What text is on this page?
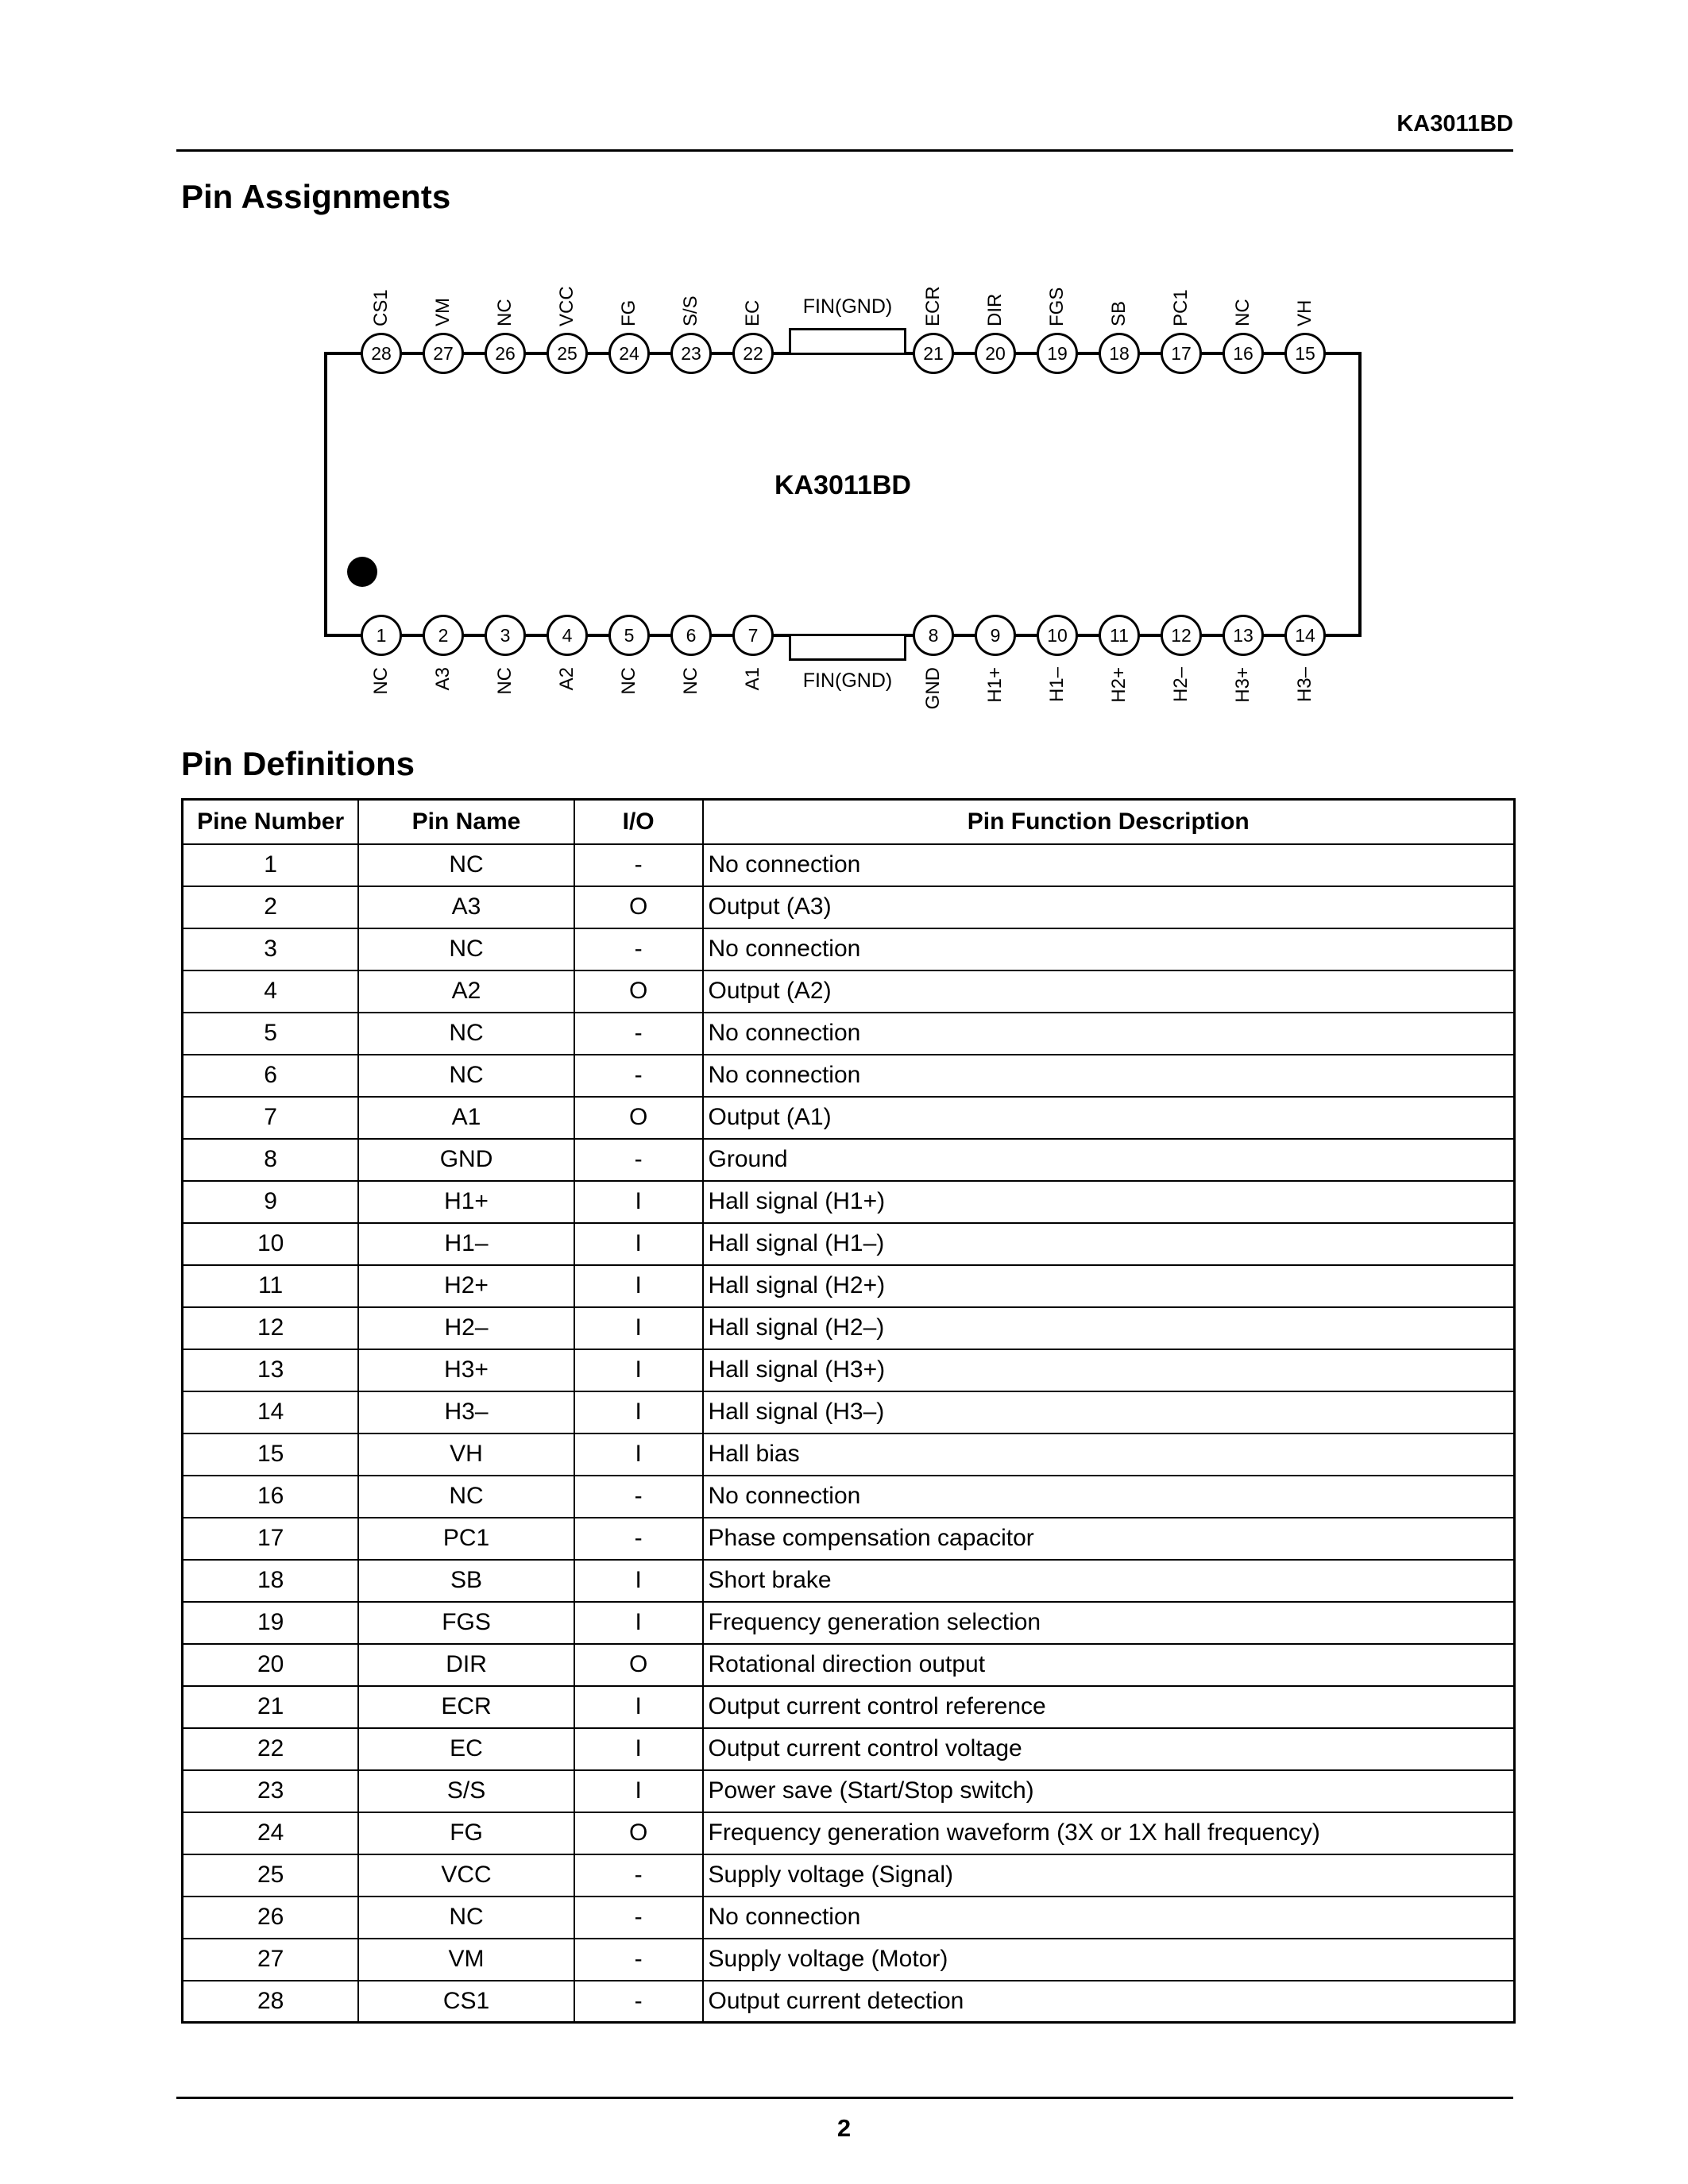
KA3011BD
Pin Assignments
FIN(GND)
FIN(GND)
KA3011BD
28
CS1
27
VM
26
NC
25
VCC
24
FG
23
S/S
22
EC
21
ECR
20
DIR
19
FGS
18
SB
17
PC1
16
NC
15
VH
1
NC
2
A3
3
NC
4
A2
5
NC
6
NC
7
A1
8
GND
9
H1+
10
H1–
11
H2+
12
H2–
13
H3+
14
H3–
Pin Definitions
Pine Number	Pin Name	I/O	Pin Function Description
1	NC	-	No connection
2	A3	O	Output (A3)
3	NC	-	No connection
4	A2	O	Output (A2)
5	NC	-	No connection
6	NC	-	No connection
7	A1	O	Output (A1)
8	GND	-	Ground
9	H1+	I	Hall signal (H1+)
10	H1–	I	Hall signal (H1–)
11	H2+	I	Hall signal (H2+)
12	H2–	I	Hall signal (H2–)
13	H3+	I	Hall signal (H3+)
14	H3–	I	Hall signal (H3–)
15	VH	I	Hall bias
16	NC	-	No connection
17	PC1	-	Phase compensation capacitor
18	SB	I	Short brake
19	FGS	I	Frequency generation selection
20	DIR	O	Rotational direction output
21	ECR	I	Output current control reference
22	EC	I	Output current control voltage
23	S/S	I	Power save (Start/Stop switch)
24	FG	O	Frequency generation waveform (3X or 1X hall frequency)
25	VCC	-	Supply voltage (Signal)
26	NC	-	No connection
27	VM	-	Supply voltage (Motor)
28	CS1	-	Output current detection
2
